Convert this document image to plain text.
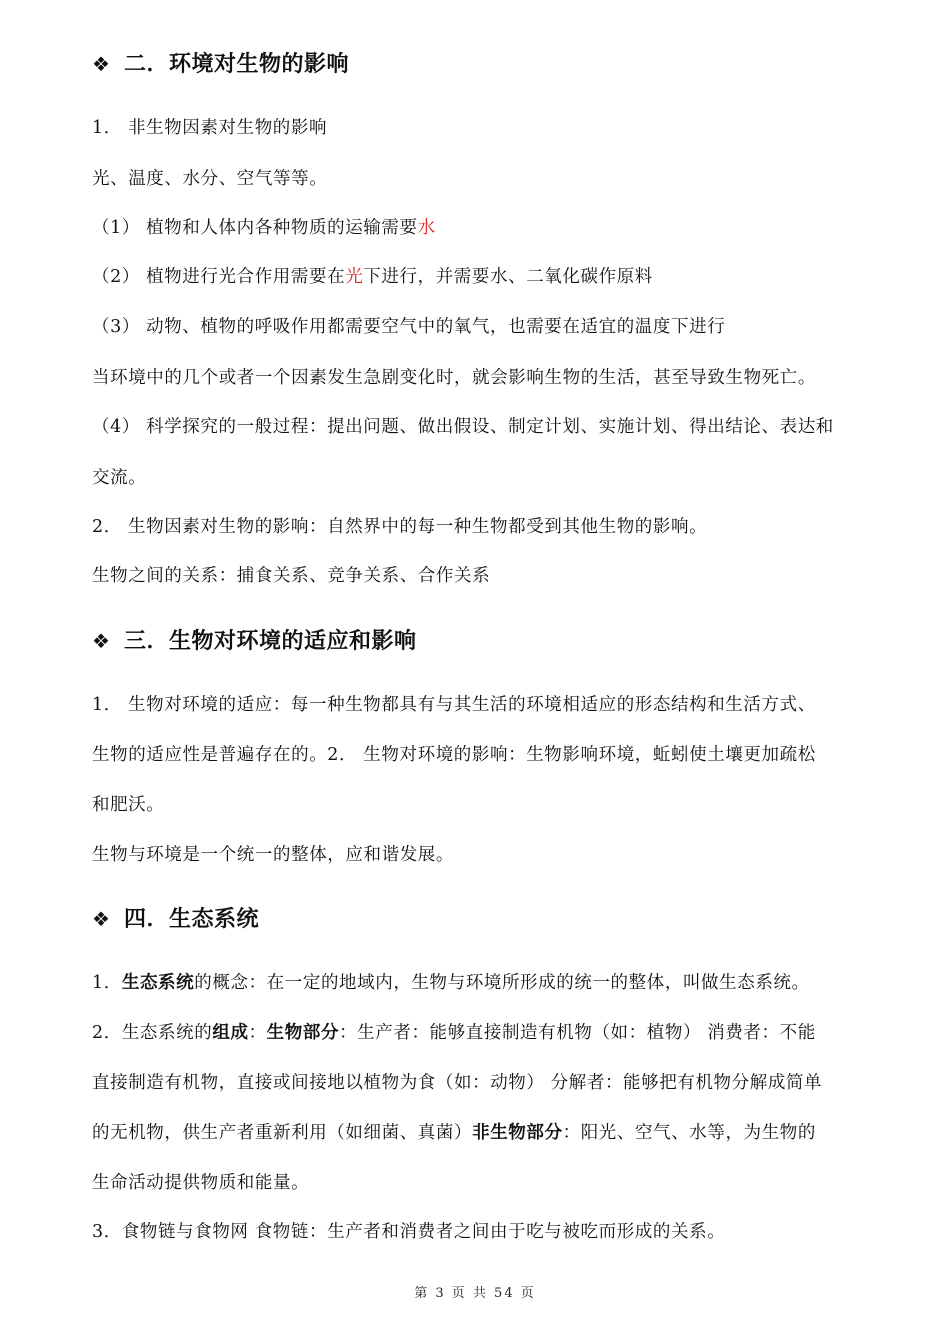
❖ 二．环境对生物的影响
1． 非生物因素对生物的影响
光、温度、水分、空气等等。
（1） 植物和人体内各种物质的运输需要水
（2） 植物进行光合作用需要在光下进行，并需要水、二氧化碳作原料
（3） 动物、植物的呼吸作用都需要空气中的氧气，也需要在适宜的温度下进行
当环境中的几个或者一个因素发生急剧变化时，就会影响生物的生活，甚至导致生物死亡。
（4） 科学探究的一般过程：提出问题、做出假设、制定计划、实施计划、得出结论、表达和
交流。
2． 生物因素对生物的影响：自然界中的每一种生物都受到其他生物的影响。
生物之间的关系：捕食关系、竞争关系、合作关系
❖ 三．生物对环境的适应和影响
1． 生物对环境的适应：每一种生物都具有与其生活的环境相适应的形态结构和生活方式、
生物的适应性是普遍存在的。2． 生物对环境的影响：生物影响环境，蚯蚓使土壤更加疏松
和肥沃。
生物与环境是一个统一的整体，应和谐发展。
❖ 四．生态系统
1．生态系统的概念：在一定的地域内，生物与环境所形成的统一的整体，叫做生态系统。
2．生态系统的组成：生物部分：生产者：能够直接制造有机物（如：植物） 消费者：不能
直接制造有机物，直接或间接地以植物为食（如：动物） 分解者：能够把有机物分解成简单
的无机物，供生产者重新利用（如细菌、真菌）非生物部分：阳光、空气、水等，为生物的
生命活动提供物质和能量。
3．食物链与食物网 食物链：生产者和消费者之间由于吃与被吃而形成的关系。
第 3 页 共 54 页
